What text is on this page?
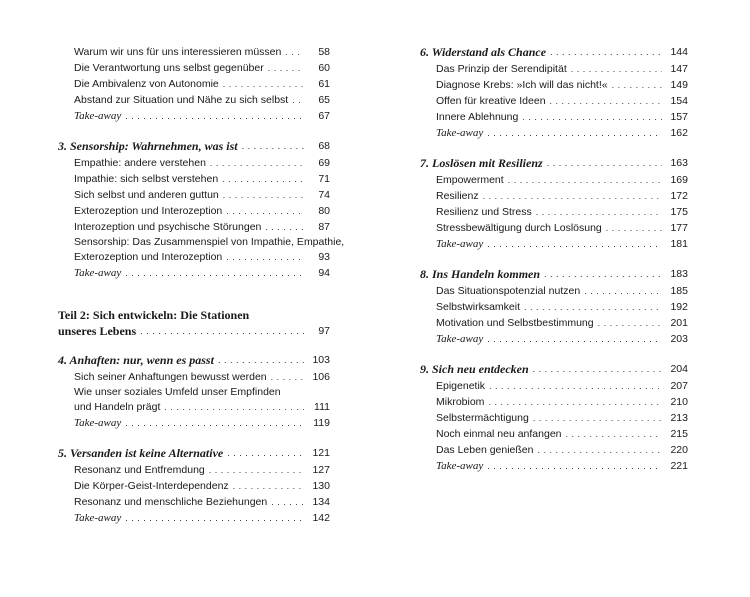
Warum wir uns für uns interessieren müssen . . .	58
Die Verantwortung uns selbst gegenüber . . .	60
Die Ambivalenz von Autonomie . . .	61
Abstand zur Situation und Nähe zu sich selbst . . .	65
Take-away . . .	67
3. Sensorship: Wahrnehmen, was ist . . .	68
Empathie: andere verstehen . . .	69
Impathie: sich selbst verstehen . . .	71
Sich selbst und anderen guttun . . .	74
Exterozeption und Interozeption . . .	80
Interozeption und psychische Störungen . . .	87
Sensorship: Das Zusammenspiel von Impathie, Empathie,
Exterozeption und Interozeption . . .	93
Take-away . . .	94
Teil 2: Sich entwickeln: Die Stationen
unseres Lebens . . .	97
4. Anhaften: nur, wenn es passt . . .	103
Sich seiner Anhaftungen bewusst werden . . .	106
Wie unser soziales Umfeld unser Empfinden
und Handeln prägt . . .	111
Take-away . . .	119
5. Versanden ist keine Alternative . . .	121
Resonanz und Entfremdung . . .	127
Die Körper-Geist-Interdependenz . . .	130
Resonanz und menschliche Beziehungen . . .	134
Take-away . . .	142
6. Widerstand als Chance . . .	144
Das Prinzip der Serendipität . . .	147
Diagnose Krebs: »Ich will das nicht!« . . .	149
Offen für kreative Ideen . . .	154
Innere Ablehnung . . .	157
Take-away . . .	162
7. Loslösen mit Resilienz . . .	163
Empowerment . . .	169
Resilienz . . .	172
Resilienz und Stress . . .	175
Stressbewältigung durch Loslösung . . .	177
Take-away . . .	181
8. Ins Handeln kommen . . .	183
Das Situationspotenzial nutzen . . .	185
Selbstwirksamkeit . . .	192
Motivation und Selbstbestimmung . . .	201
Take-away . . .	203
9. Sich neu entdecken . . .	204
Epigenetik . . .	207
Mikrobiom . . .	210
Selbstermächtigung . . .	213
Noch einmal neu anfangen . . .	215
Das Leben genießen . . .	220
Take-away . . .	221
